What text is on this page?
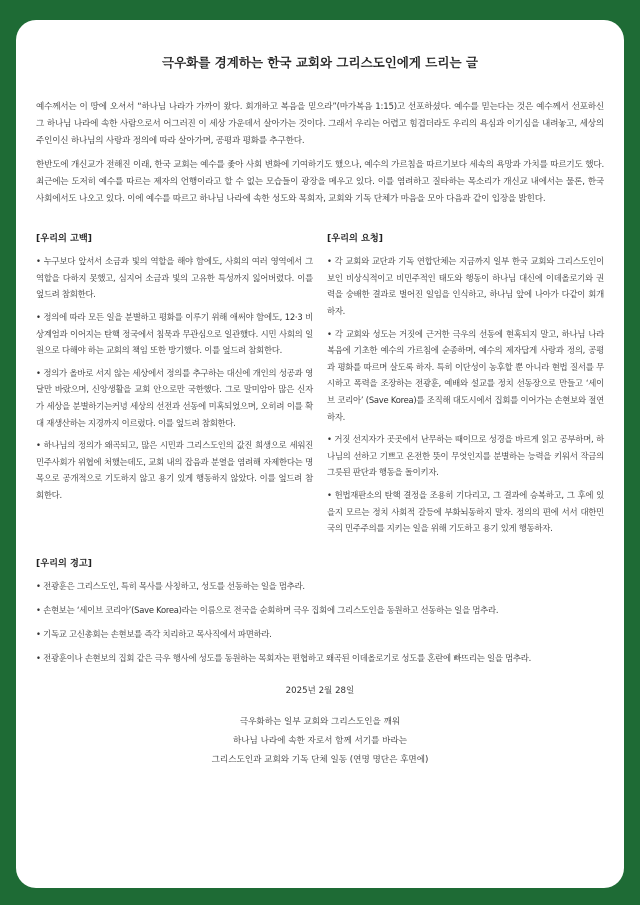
극우화를 경계하는 한국 교회와 그리스도인에게 드리는 글

예수께서는 이 땅에 오셔서 “하나님 나라가 가까이 왔다. 회개하고 복음을 믿으라”(마가복음 1:15)고 선포하셨다. 예수를 믿는다는 것은 예수께서 선포하신 그 하나님 나라에 속한 사람으로서 어그러진 이 세상 가운데서 살아가는 것이다. 그래서 우리는 어렵고 힘겹더라도 우리의 욕심과 이기심을 내려놓고, 세상의 주인이신 하나님의 사랑과 정의에 따라 살아가며, 공평과 평화를 추구한다.

한반도에 개신교가 전해진 이래, 한국 교회는 예수를 좇아 사회 변화에 기여하기도 했으나, 예수의 가르침을 따르기보다 세속의 욕망과 가치를 따르기도 했다. 최근에는 도저히 예수를 따르는 제자의 언행이라고 할 수 없는 모습들이 광장을 메우고 있다. 이를 염려하고 질타하는 목소리가 개신교 내에서는 물론, 한국 사회에서도 나오고 있다. 이에 예수를 따르고 하나님 나라에 속한 성도와 목회자, 교회와 기독 단체가 마음을 모아 다음과 같이 입장을 밝힌다.

[우리의 고백]
• 누구보다 앞서서 소금과 빛의 역할을 해야 함에도, 사회의 여러 영역에서 그 역할을 다하지 못했고, 심지어 소금과 빛의 고유한 특성까지 잃어버렸다. 이를 엎드려 참회한다.
• 정의에 따라 모든 일을 분별하고 평화를 이루기 위해 애써야 함에도, 12·3 비상계엄과 이어지는 탄핵 정국에서 침묵과 무관심으로 일관했다. 시민 사회의 일원으로 다해야 하는 교회의 책임 또한 방기했다. 이를 엎드려 참회한다.
• 정의가 올바로 서지 않는 세상에서 정의를 추구하는 대신에 개인의 성공과 영달만 바랐으며, 신앙생활을 교회 안으로만 국한했다. 그로 말미암아 많은 신자가 세상을 분별하기는커녕 세상의 선전과 선동에 미혹되었으며, 오히려 이를 확대 재생산하는 지경까지 이르렀다. 이를 엎드려 참회한다.
• 하나님의 정의가 왜곡되고, 많은 시민과 그리스도인의 값진 희생으로 세워진 민주사회가 위협에 처했는데도, 교회 내의 잡음과 분열을 염려해 자제한다는 명목으로 공개적으로 기도하지 않고 용기 있게 행동하지 않았다. 이를 엎드려 참회한다.
[우리의 요청]
• 각 교회와 교단과 기독 연합단체는 지금까지 일부 한국 교회와 그리스도인이 보인 비상식적이고 비민주적인 태도와 행동이 하나님 대신에 이데올로기와 권력을 숭배한 결과로 벌어진 일임을 인식하고, 하나님 앞에 나아가 다같이 회개하자.
• 각 교회와 성도는 거짓에 근거한 극우의 선동에 현혹되지 말고, 하나님 나라 복음에 기초한 예수의 가르침에 순종하며, 예수의 제자답게 사랑과 정의, 공평과 평화를 따르며 살도록 하자. 특히 이단성이 농후할 뿐 아니라 현법 질서를 무시하고 폭력을 조장하는 전광훈, 예배와 설교를 정치 선동장으로 만들고 ‘세이브 코리아’ (Save Korea)를 조직해 대도시에서 집회를 이어가는 손현보와 절연하자.
• 거짓 선지자가 곳곳에서 난무하는 때이므로 성경을 바르게 읽고 공부하며, 하나님의 선하고 기쁘고 온전한 뜻이 무엇인지를 분별하는 능력을 키워서 작금의 그릇된 판단과 행동을 돌이키자.
• 헌법재판소의 탄핵 결정을 조용히 기다리고, 그 결과에 승복하고, 그 후에 있을지 모르는 정치 사회적 갈등에 부화뇌동하지 말자. 정의의 편에 서서 대한민국의 민주주의를 지키는 일을 위해 기도하고 용기 있게 행동하자.
[우리의 경고]
• 전광훈은 그리스도인, 특히 목사를 사칭하고, 성도를 선동하는 일을 멈추라.
• 손현보는 ‘세이브 코리아’(Save Korea)라는 이름으로 전국을 순회하며 극우 집회에 그리스도인을 동원하고 선동하는 일을 멈추라.
• 기독교 고신총회는 손현보를 즉각 치리하고 목사직에서 파면하라.
• 전광훈이나 손현보의 집회 같은 극우 행사에 성도를 동원하는 목회자는 편협하고 왜곡된 이데올로기로 성도를 혼란에 빠뜨리는 일을 멈추라.
2025년 2월 28일
극우화하는 일부 교회와 그리스도인을 깨워
하나님 나라에 속한 자로서 함께 서기를 바라는
그리스도인과 교회와 기독 단체 일동 (연명 명단은 후면에)
